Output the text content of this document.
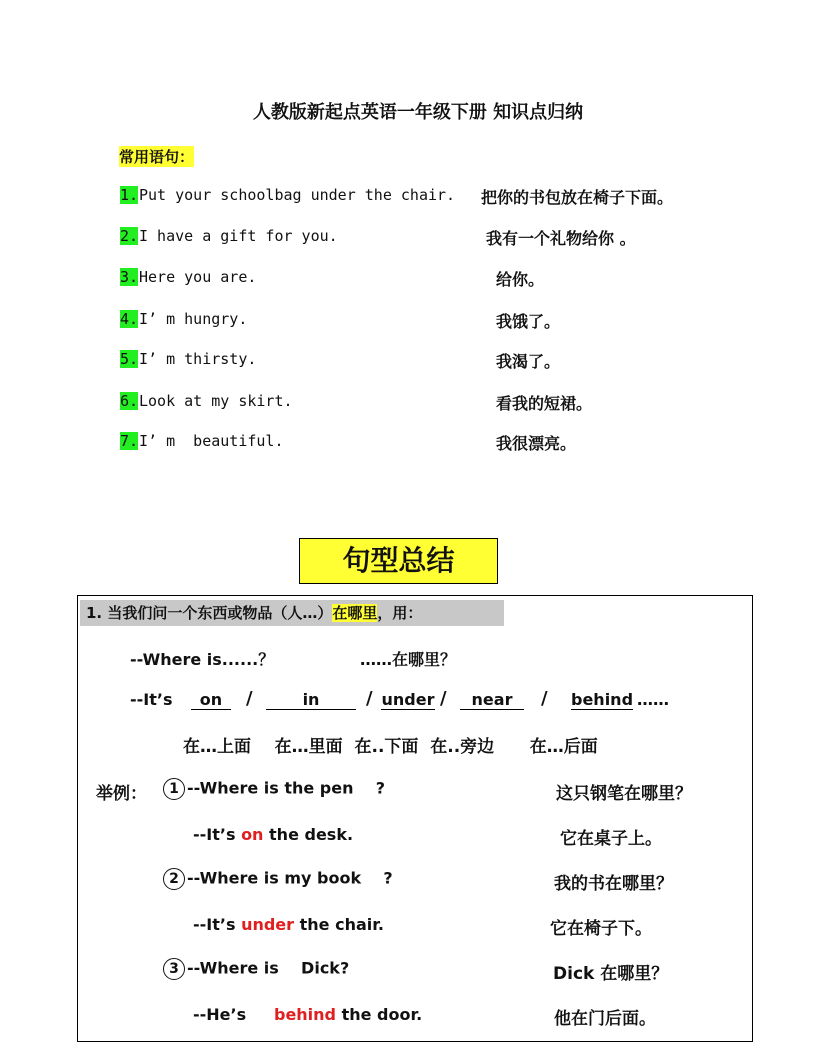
人教版新起点英语一年级下册 知识点归纳
常用语句：
1. Put your schoolbag under the chair. 把你的书包放在椅子下面。
2. I have a gift for you.	我有一个礼物给你 。
3. Here you are.	给你。
4. I’ m hungry.	我饿了。
5. I’ m thirsty.	我渴了。
6. Look at my skirt.	看我的短裙。
7. I’ m  beautiful.	我很漂亮。
句型总结
1. 当我们问一个东西或物品（人…）在哪里，用：
--Where is......？	……在哪里？
--It’s	on	/	in	/ under /	near	/ behind ……
在…上面    在…里面  在..下面  在..旁边      在…后面
举例：	1 --Where is the pen    ?	这只钢笔在哪里？
--It’s on the desk.	它在桌子上。
2 --Where is my book    ?	我的书在哪里？
--It’s under the chair.	它在椅子下。
3 --Where is    Dick?	Dick 在哪里？
--He’s     behind the door.	他在门后面。
